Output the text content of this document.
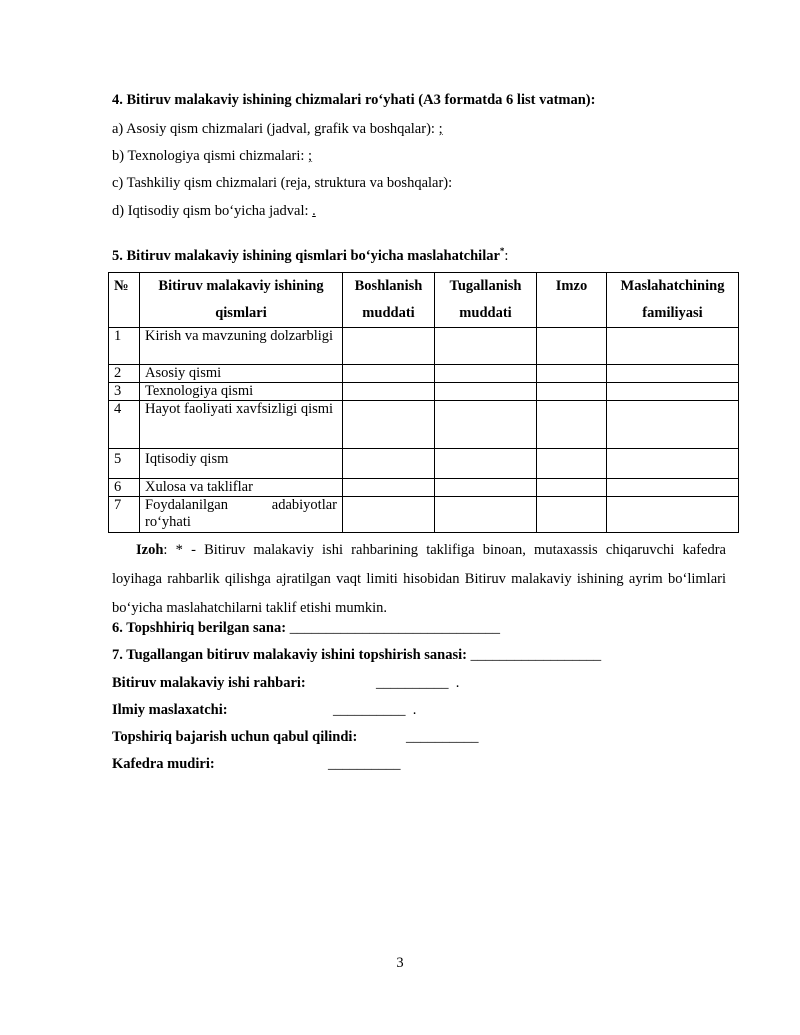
4. Bitiruv malakaviy ishining chizmalari ro‘yhati (A3 formatda 6 list vatman):
a) Asosiy qism chizmalari (jadval, grafik va boshqalar): ;
b) Texnologiya qismi chizmalari: ;
c) Tashkiliy qism chizmalari (reja, struktura va boshqalar):
d) Iqtisodiy qism bo‘yicha jadval: .
5. Bitiruv malakaviy ishining qismlari bo‘yicha maslahatchilar*:
№	Bitiruv malakaviy ishining qismlari	Boshlanish muddati	Tugallanish muddati	Imzo	Maslahatchining familiyasi
1	Kirish va mavzuning dolzarbligi				
2	Asosiy qismi				
3	Texnologiya qismi				
4	Hayot faoliyati xavfsizligi qismi				
5	Iqtisodiy qism				
6	Xulosa va takliflar				
7	Foydalanilgan adabiyotlar ro‘yhati				
Izoh: * - Bitiruv malakaviy ishi rahbarining taklifiga binoan, mutaxassis chiqaruvchi kafedra loyihaga rahbarlik qilishga ajratilgan vaqt limiti hisobidan Bitiruv malakaviy ishining ayrim bo‘limlari bo‘yicha maslahatchilarni taklif etishi mumkin.
6. Topshhiriq berilgan sana: _____________________________
7. Tugallangan bitiruv malakaviy ishini topshirish sanasi: __________________
Bitiruv malakaviy ishi rahbari:	__________ .
Ilmiy maslaxatchi:	__________ .
Topshiriq bajarish uchun qabul qilindi:	__________
Kafedra mudiri:	__________
3
